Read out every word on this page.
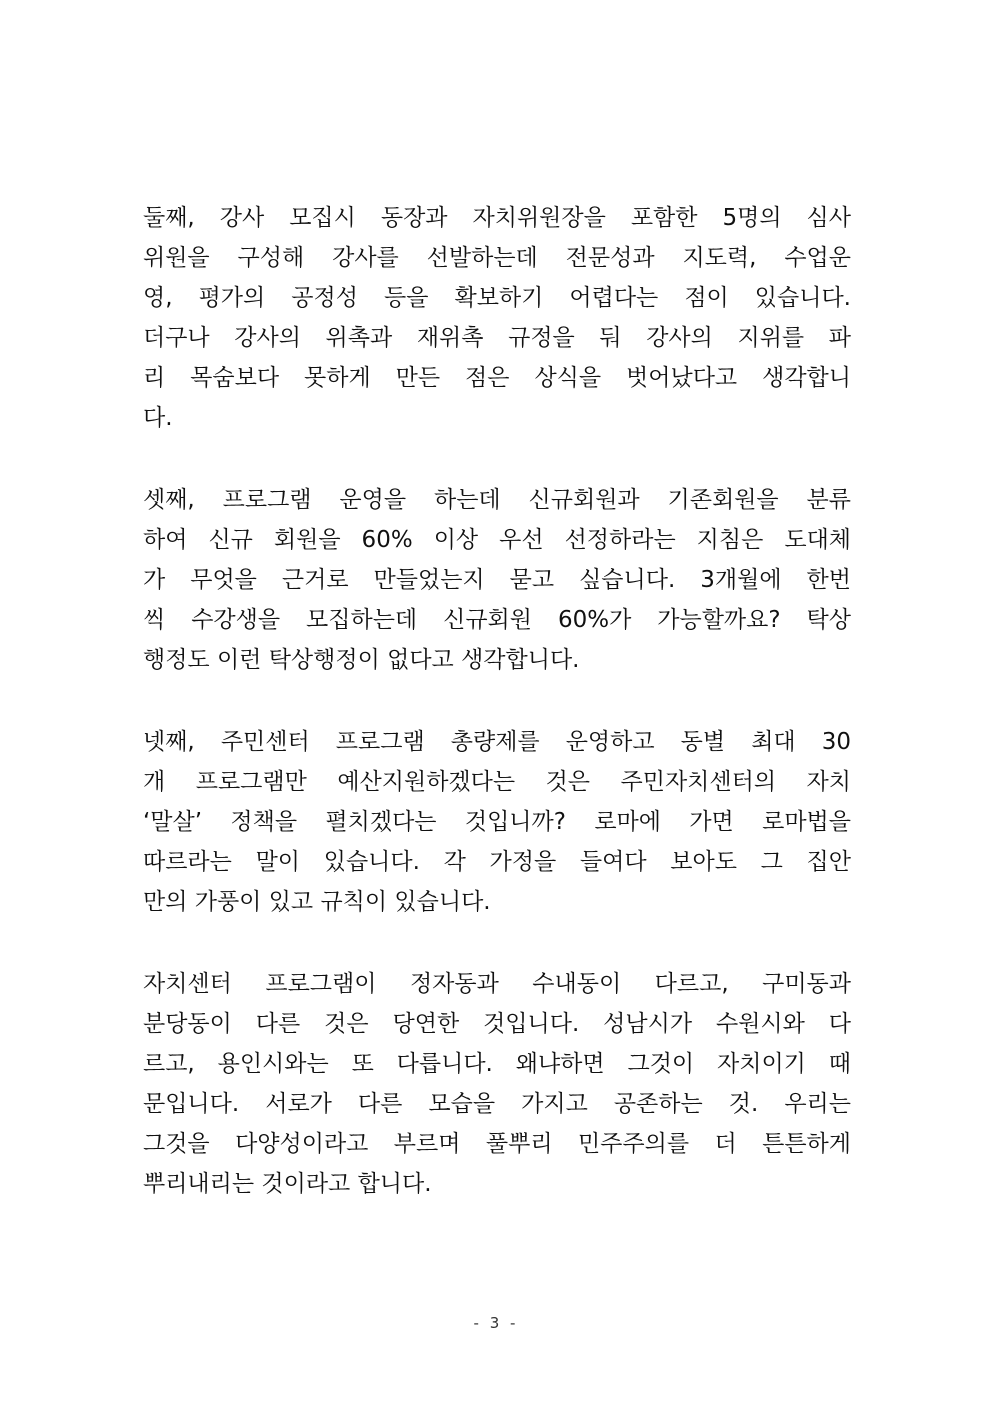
둘째, 강사 모집시 동장과 자치위원장을 포함한 5명의 심사
위원을 구성해 강사를 선발하는데 전문성과 지도력, 수업운
영, 평가의 공정성 등을 확보하기 어렵다는 점이 있습니다.
더구나 강사의 위촉과 재위촉 규정을 둬 강사의 지위를 파
리 목숨보다 못하게 만든 점은 상식을 벗어났다고 생각합니
다.
셋째, 프로그램 운영을 하는데 신규회원과 기존회원을 분류
하여 신규 회원을 60% 이상 우선 선정하라는 지침은 도대체
가 무엇을 근거로 만들었는지 묻고 싶습니다. 3개월에 한번
씩 수강생을 모집하는데 신규회원 60%가 가능할까요? 탁상
행정도 이런 탁상행정이 없다고 생각합니다.
넷째, 주민센터 프로그램 총량제를 운영하고 동별 최대 30
개 프로그램만 예산지원하겠다는 것은 주민자치센터의 자치
‘말살’ 정책을 펼치겠다는 것입니까? 로마에 가면 로마법을
따르라는 말이 있습니다. 각 가정을 들여다 보아도 그 집안
만의 가풍이 있고 규칙이 있습니다.
자치센터 프로그램이 정자동과 수내동이 다르고, 구미동과
분당동이 다른 것은 당연한 것입니다. 성남시가 수원시와 다
르고, 용인시와는 또 다릅니다. 왜냐하면 그것이 자치이기 때
문입니다. 서로가 다른 모습을 가지고 공존하는 것. 우리는
그것을 다양성이라고 부르며 풀뿌리 민주주의를 더 튼튼하게
뿌리내리는 것이라고 합니다.
- 3 -
